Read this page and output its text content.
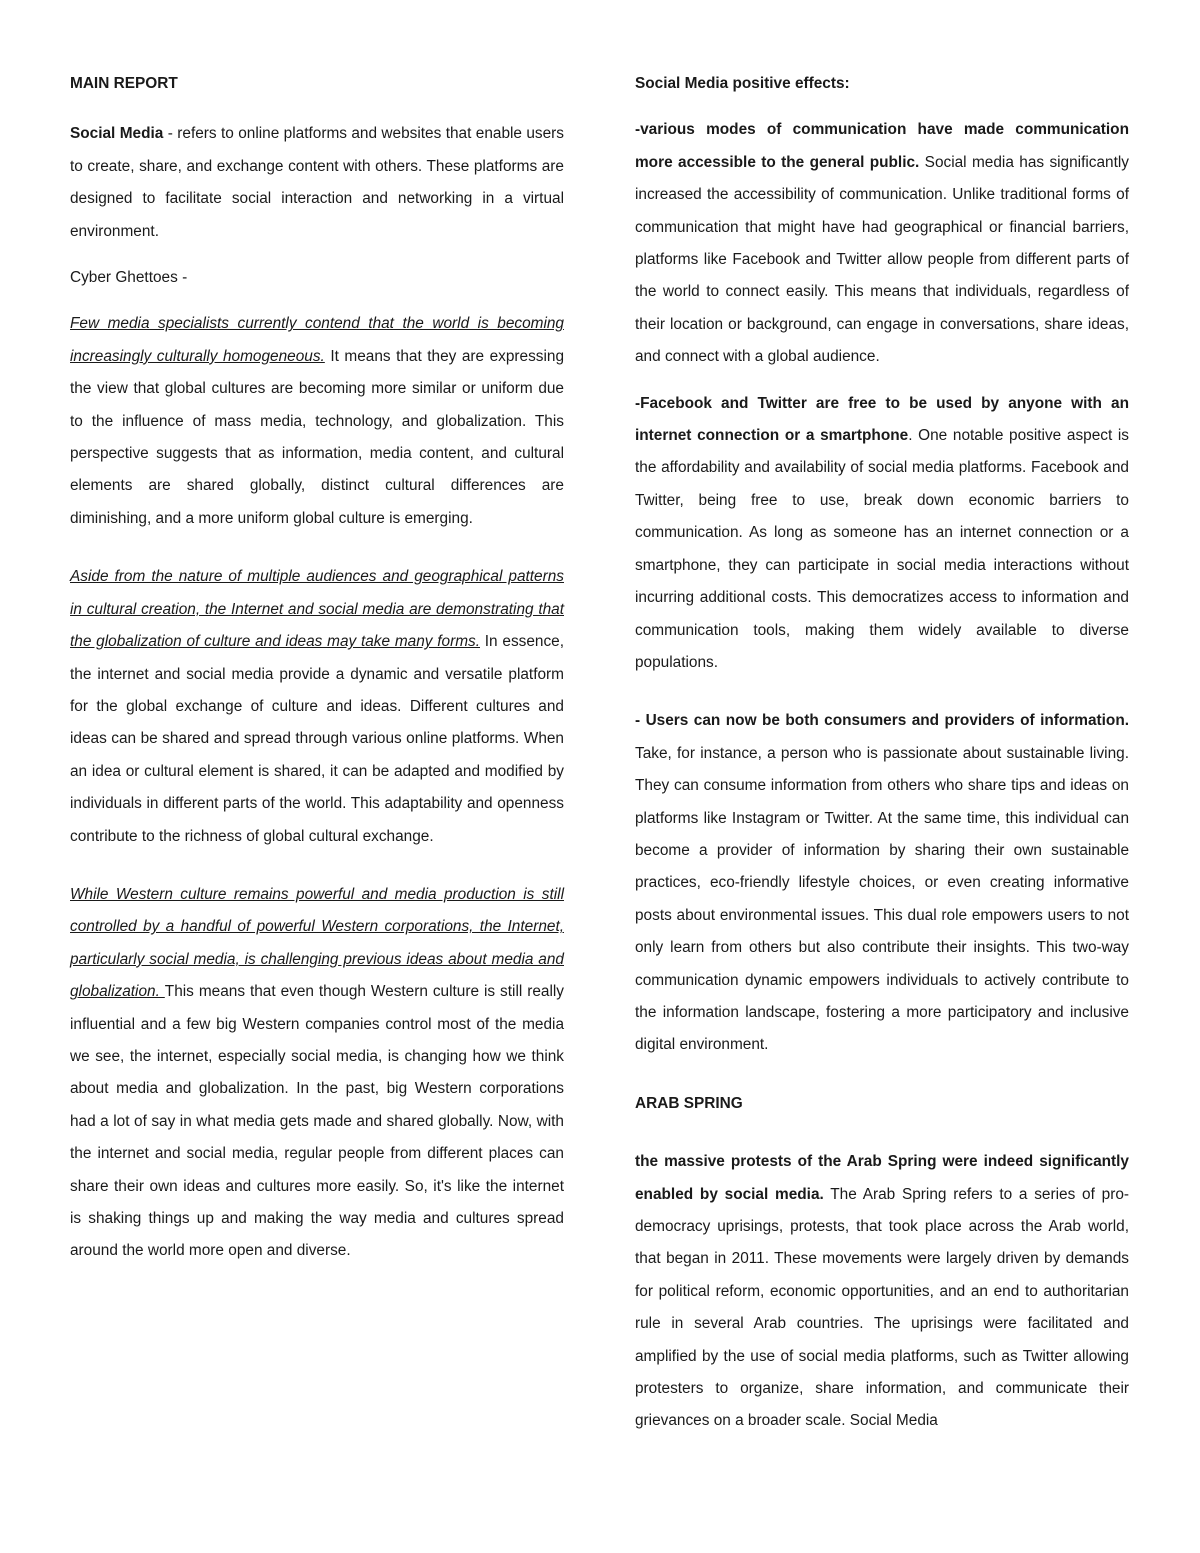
MAIN REPORT

Social Media - refers to online platforms and websites that enable users to create, share, and exchange content with others. These platforms are designed to facilitate social interaction and networking in a virtual environment.

Cyber Ghettoes -

Few media specialists currently contend that the world is becoming increasingly culturally homogeneous. It means that they are expressing the view that global cultures are becoming more similar or uniform due to the influence of mass media, technology, and globalization. This perspective suggests that as information, media content, and cultural elements are shared globally, distinct cultural differences are diminishing, and a more uniform global culture is emerging.

Aside from the nature of multiple audiences and geographical patterns in cultural creation, the Internet and social media are demonstrating that the globalization of culture and ideas may take many forms. In essence, the internet and social media provide a dynamic and versatile platform for the global exchange of culture and ideas. Different cultures and ideas can be shared and spread through various online platforms. When an idea or cultural element is shared, it can be adapted and modified by individuals in different parts of the world. This adaptability and openness contribute to the richness of global cultural exchange.

While Western culture remains powerful and media production is still controlled by a handful of powerful Western corporations, the Internet, particularly social media, is challenging previous ideas about media and globalization. This means that even though Western culture is still really influential and a few big Western companies control most of the media we see, the internet, especially social media, is changing how we think about media and globalization. In the past, big Western corporations had a lot of say in what media gets made and shared globally. Now, with the internet and social media, regular people from different places can share their own ideas and cultures more easily. So, it's like the internet is shaking things up and making the way media and cultures spread around the world more open and diverse.

Social Media positive effects:

-various modes of communication have made communication more accessible to the general public. Social media has significantly increased the accessibility of communication. Unlike traditional forms of communication that might have had geographical or financial barriers, platforms like Facebook and Twitter allow people from different parts of the world to connect easily. This means that individuals, regardless of their location or background, can engage in conversations, share ideas, and connect with a global audience.

-Facebook and Twitter are free to be used by anyone with an internet connection or a smartphone. One notable positive aspect is the affordability and availability of social media platforms. Facebook and Twitter, being free to use, break down economic barriers to communication. As long as someone has an internet connection or a smartphone, they can participate in social media interactions without incurring additional costs. This democratizes access to information and communication tools, making them widely available to diverse populations.

- Users can now be both consumers and providers of information. Take, for instance, a person who is passionate about sustainable living. They can consume information from others who share tips and ideas on platforms like Instagram or Twitter. At the same time, this individual can become a provider of information by sharing their own sustainable practices, eco-friendly lifestyle choices, or even creating informative posts about environmental issues. This dual role empowers users to not only learn from others but also contribute their insights. This two-way communication dynamic empowers individuals to actively contribute to the information landscape, fostering a more participatory and inclusive digital environment.

ARAB SPRING

the massive protests of the Arab Spring were indeed significantly enabled by social media. The Arab Spring refers to a series of pro-democracy uprisings, protests, that took place across the Arab world, that began in 2011. These movements were largely driven by demands for political reform, economic opportunities, and an end to authoritarian rule in several Arab countries. The uprisings were facilitated and amplified by the use of social media platforms, such as Twitter allowing protesters to organize, share information, and communicate their grievances on a broader scale. Social Media
